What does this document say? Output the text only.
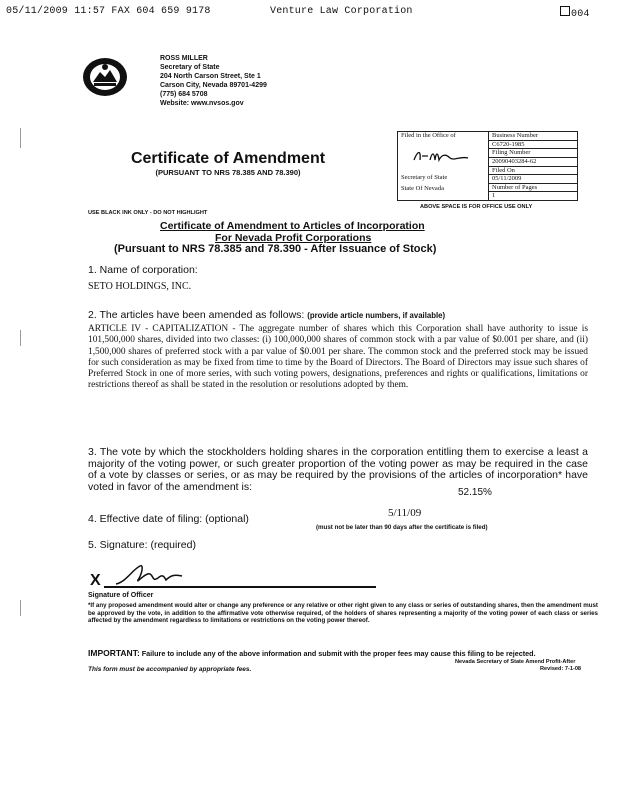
05/11/2009 11:57 FAX 604 659 9178	Venture Law Corporation	004
ROSS MILLER
Secretary of State
204 North Carson Street, Ste 1
Carson City, Nevada 89701-4299
(775) 684 5708
Website: www.nvsos.gov
Certificate of Amendment
(PURSUANT TO NRS 78.385 AND 78.390)
Filed in the Office of
Secretary of State
State Of Nevada
	Business Number
C6720-1985
Filing Number
20090403284-62
Filed On
05/11/2009
Number of Pages
1
USE BLACK INK ONLY - DO NOT HIGHLIGHT
ABOVE SPACE IS FOR OFFICE USE ONLY
Certificate of Amendment to Articles of Incorporation
For Nevada Profit Corporations
(Pursuant to NRS 78.385 and 78.390 - After Issuance of Stock)
1. Name of corporation:
SETO HOLDINGS, INC.
2. The articles have been amended as follows: (provide article numbers, if available)
ARTICLE IV - CAPITALIZATION - The aggregate number of shares which this Corporation shall have authority to issue is 101,500,000 shares, divided into two classes: (i) 100,000,000 shares of common stock with a par value of $0.001 per share, and (ii) 1,500,000 shares of preferred stock with a par value of $0.001 per share. The common stock and the preferred stock may be issued for such consideration as may be fixed from time to time by the Board of Directors. The Board of Directors may issue such shares of Preferred Stock in one of more series, with such voting powers, designations, preferences and rights or qualifications, limitations or restrictions thereof as shall be stated in the resolution or resolutions adopted by them.
3. The vote by which the stockholders holding shares in the corporation entitling them to exercise a least a majority of the voting power, or such greater proportion of the voting power as may be required in the case of a vote by classes or series, or as may be required by the provisions of the articles of incorporation* have voted in favor of the amendment is:	52.15%
4. Effective date of filing: (optional)	5/11/09
(must not be later than 90 days after the certificate is filed)
5. Signature: (required)
X
Signature of Officer
*If any proposed amendment would alter or change any preference or any relative or other right given to any class or series of outstanding shares, then the amendment must be approved by the vote, in addition to the affirmative vote otherwise required, of the holders of shares representing a majority of the voting power of each class or series affected by the amendment regardless to limitations or restrictions on the voting power thereof.
IMPORTANT: Failure to include any of the above information and submit with the proper fees may cause this filing to be rejected.
This form must be accompanied by appropriate fees.
Nevada Secretary of State Amend Profit-After
Revised: 7-1-08
